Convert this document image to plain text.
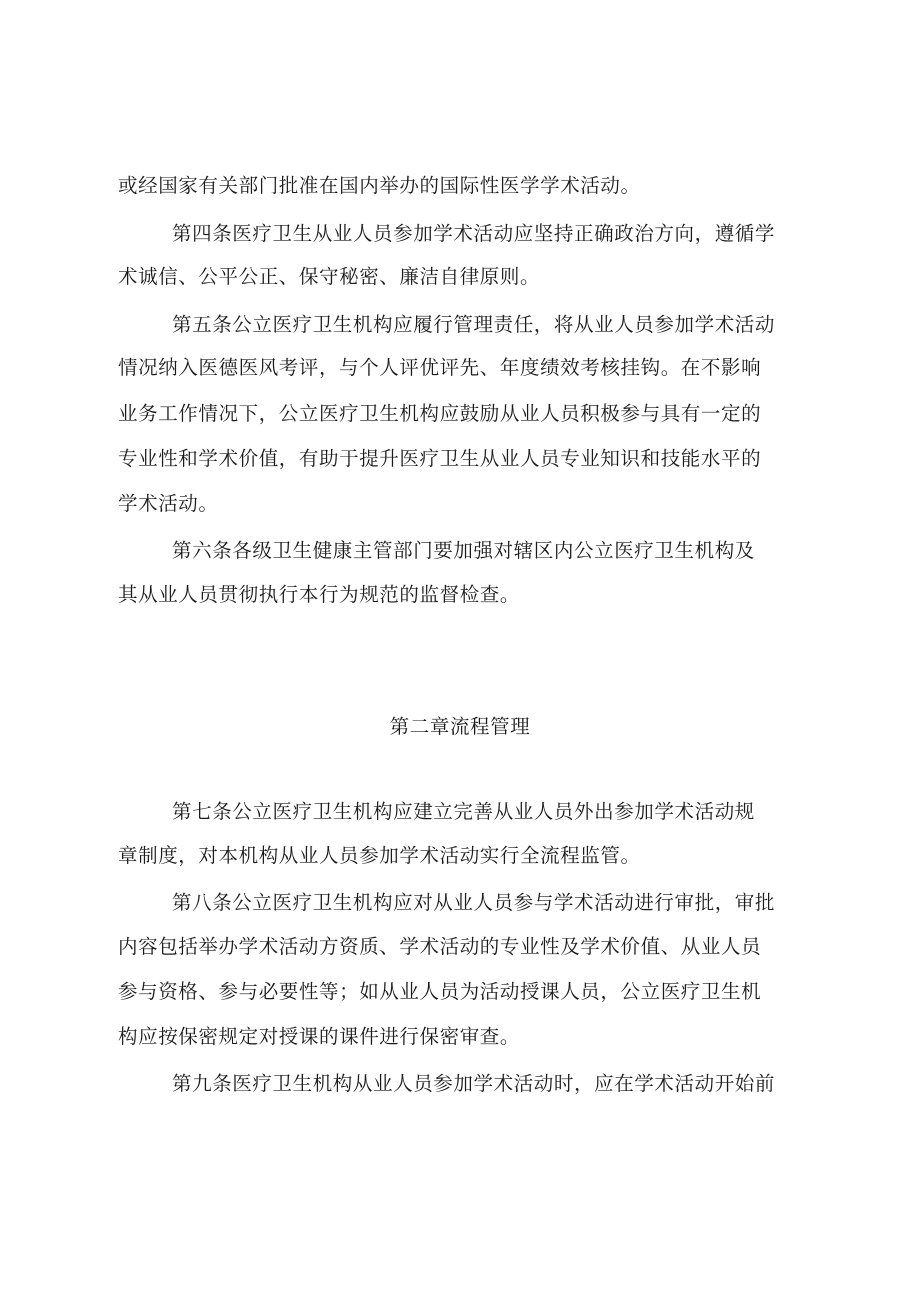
或经国家有关部门批准在国内举办的国际性医学学术活动。
第四条医疗卫生从业人员参加学术活动应坚持正确政治方向，遵循学
术诚信、公平公正、保守秘密、廉洁自律原则。
第五条公立医疗卫生机构应履行管理责任，将从业人员参加学术活动
情况纳入医德医风考评，与个人评优评先、年度绩效考核挂钩。在不影响
业务工作情况下，公立医疗卫生机构应鼓励从业人员积极参与具有一定的
专业性和学术价值，有助于提升医疗卫生从业人员专业知识和技能水平的
学术活动。
第六条各级卫生健康主管部门要加强对辖区内公立医疗卫生机构及
其从业人员贯彻执行本行为规范的监督检查。
第二章流程管理
第七条公立医疗卫生机构应建立完善从业人员外出参加学术活动规
章制度，对本机构从业人员参加学术活动实行全流程监管。
第八条公立医疗卫生机构应对从业人员参与学术活动进行审批，审批
内容包括举办学术活动方资质、学术活动的专业性及学术价值、从业人员
参与资格、参与必要性等；如从业人员为活动授课人员，公立医疗卫生机
构应按保密规定对授课的课件进行保密审查。
第九条医疗卫生机构从业人员参加学术活动时，应在学术活动开始前
